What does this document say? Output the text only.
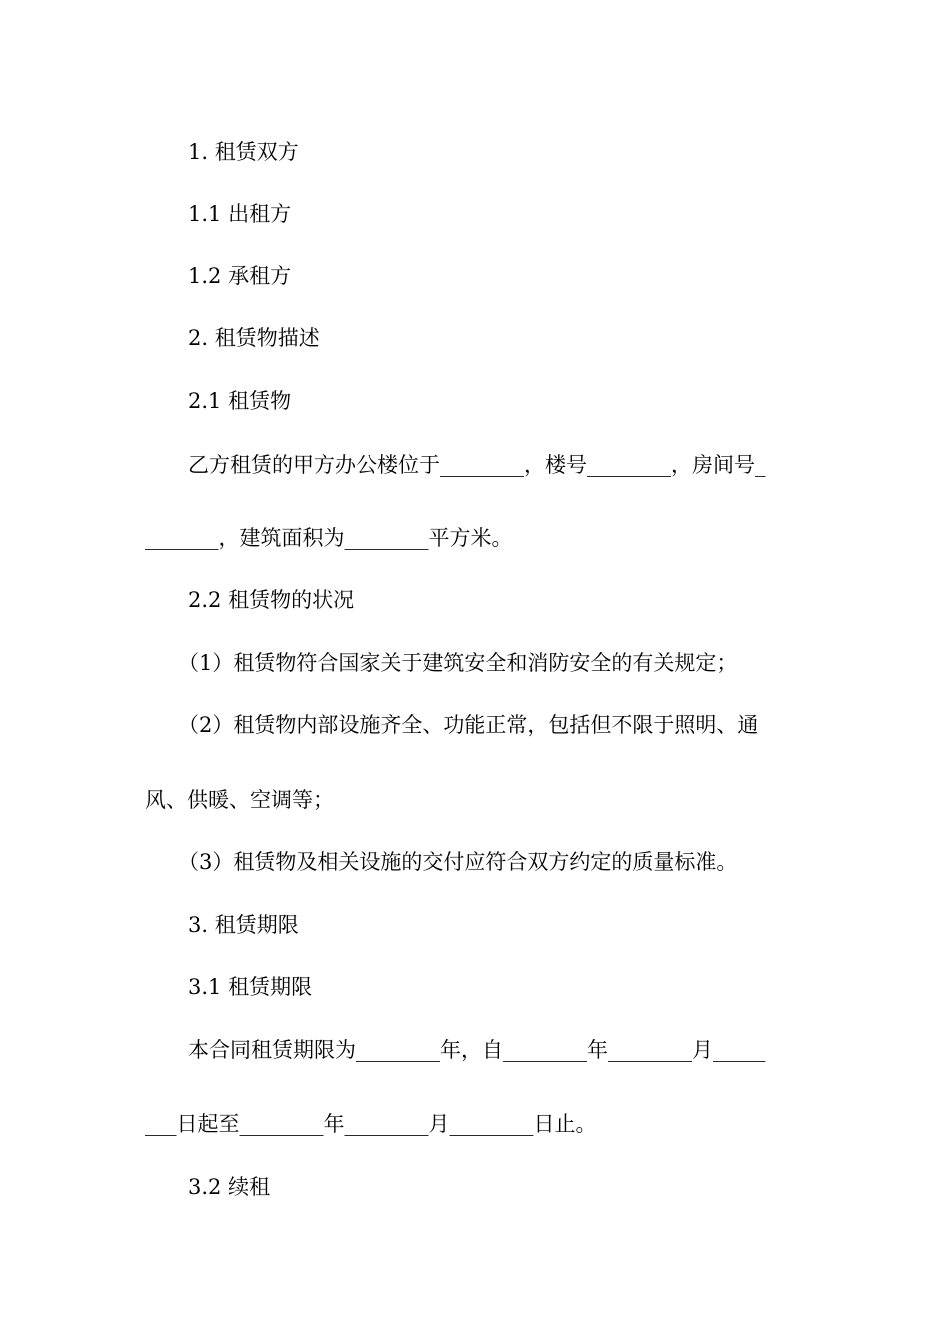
1. 租赁双方
1.1 出租方
1.2 承租方
2. 租赁物描述
2.1 租赁物
乙方租赁的甲方办公楼位于________，楼号________，房间号_
_______，建筑面积为________平方米。
2.2 租赁物的状况
（1）租赁物符合国家关于建筑安全和消防安全的有关规定；
（2）租赁物内部设施齐全、功能正常，包括但不限于照明、通
风、供暖、空调等；
（3）租赁物及相关设施的交付应符合双方约定的质量标准。
3. 租赁期限
3.1 租赁期限
本合同租赁期限为________年，自________年________月_____
___日起至________年________月________日止。
3.2 续租
